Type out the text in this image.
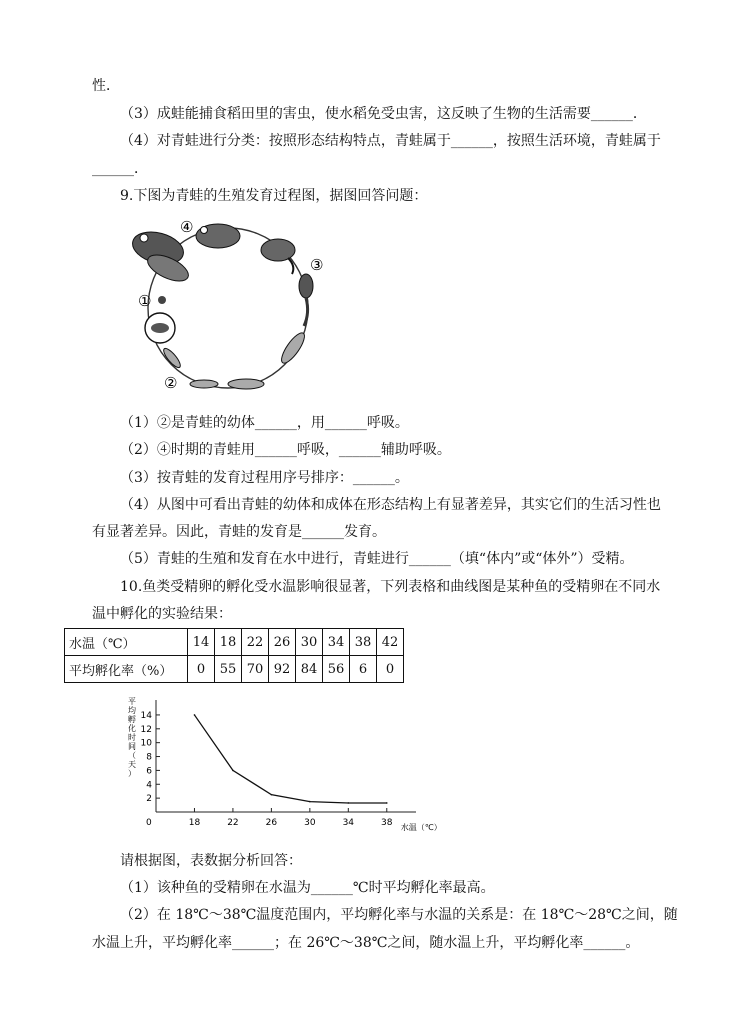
性．
（3）成蛙能捕食稻田里的害虫，使水稻免受虫害，这反映了生物的生活需要______．
（4）对青蛙进行分类：按照形态结构特点，青蛙属于______，按照生活环境，青蛙属于
______．
9.下图为青蛙的生殖发育过程图，据图回答问题：
④
③
①
②
（1）②是青蛙的幼体______，用______呼吸。
（2）④时期的青蛙用______呼吸，______辅助呼吸。
（3）按青蛙的发育过程用序号排序：______。
（4）从图中可看出青蛙的幼体和成体在形态结构上有显著差异，其实它们的生活习性也
有显著差异。因此，青蛙的发育是______发育。
（5）青蛙的生殖和发育在水中进行，青蛙进行______（填“体内”或“体外”）受精。
10.鱼类受精卵的孵化受水温影响很显著，下列表格和曲线图是某种鱼的受精卵在不同水
温中孵化的实验结果：
水温（℃）	14	18	22	26	30	34	38	42
平均孵化率（%）	0	55	70	92	84	56	6	0
2
4
6
8
10
12
14
18	22	26	30	34	38
0	水温（℃）
平
均
孵
化
时
间
（
天
）
请根据图，表数据分析回答：
（1）该种鱼的受精卵在水温为______℃时平均孵化率最高。
（2）在 18℃～38℃温度范围内，平均孵化率与水温的关系是：在 18℃～28℃之间，随
水温上升，平均孵化率______；在 26℃～38℃之间，随水温上升，平均孵化率______。
